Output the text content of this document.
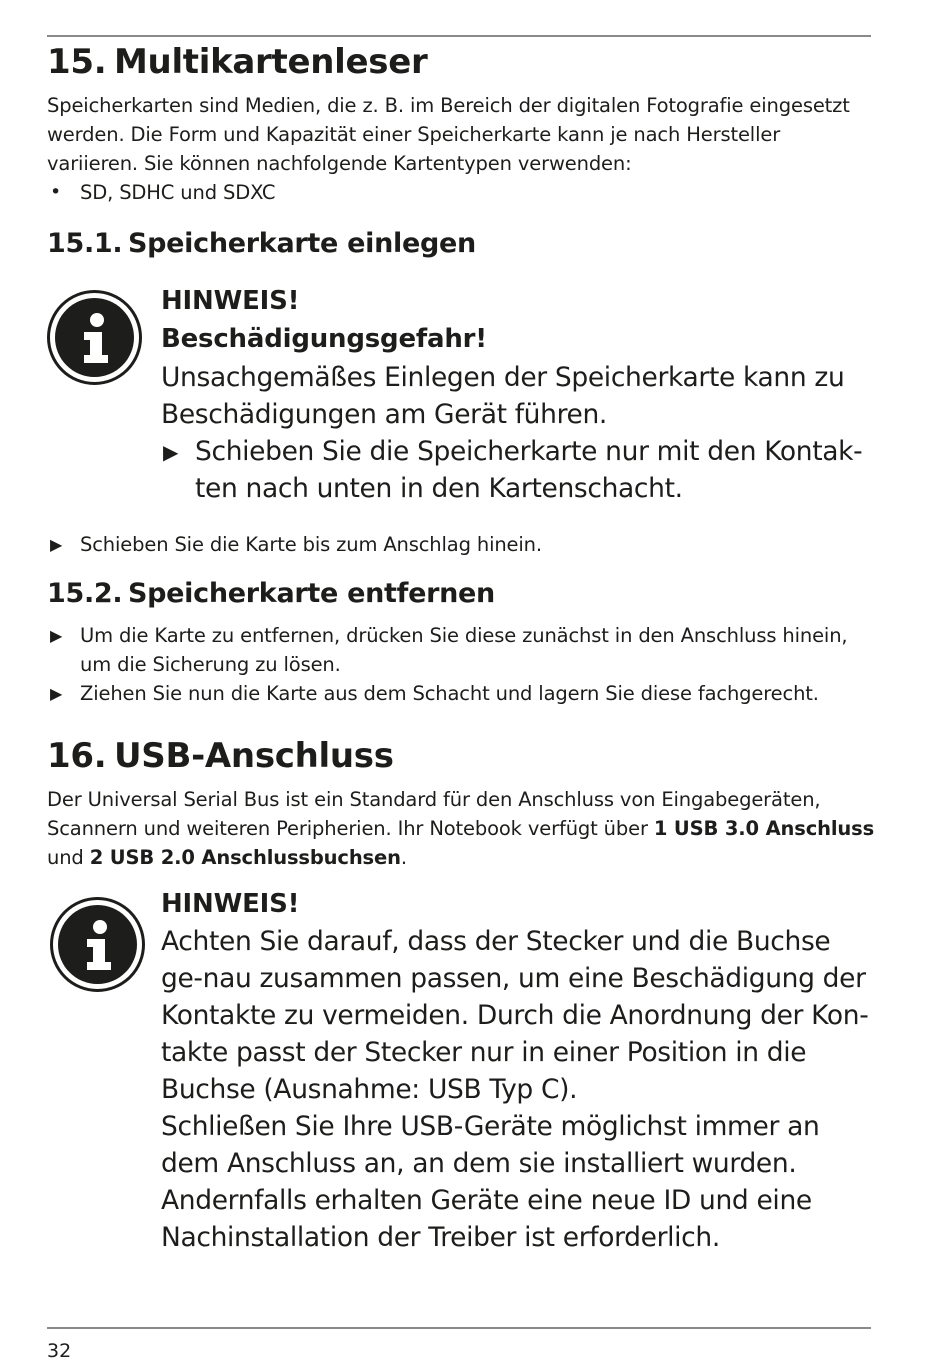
15. Multikartenleser

Speicherkarten sind Medien, die z. B. im Bereich der digitalen Fotografie eingesetzt werden. Die Form und Kapazität einer Speicherkarte kann je nach Hersteller variieren. Sie können nachfolgende Kartentypen verwenden:

• SD, SDHC und SDXC
15.1. Speicherkarte einlegen
HINWEIS!
Beschädigungsgefahr!

Unsachgemäßes Einlegen der Speicherkarte kann zu Beschädigungen am Gerät führen.

▶ Schieben Sie die Speicherkarte nur mit den Kontak-ten nach unten in den Kartenschacht.
▶ Schieben Sie die Karte bis zum Anschlag hinein.
15.2. Speicherkarte entfernen
▶ Um die Karte zu entfernen, drücken Sie diese zunächst in den Anschluss hinein, um die Sicherung zu lösen.
▶ Ziehen Sie nun die Karte aus dem Schacht und lagern Sie diese fachgerecht.
16. USB-Anschluss

Der Universal Serial Bus ist ein Standard für den Anschluss von Eingabegeräten, Scannern und weiteren Peripherien. Ihr Notebook verfügt über 1 USB 3.0 Anschluss und 2 USB 2.0 Anschlussbuchsen.

HINWEIS!

Achten Sie darauf, dass der Stecker und die Buchse ge-nau zusammen passen, um eine Beschädigung der Kontakte zu vermeiden. Durch die Anordnung der Kon-takte passt der Stecker nur in einer Position in die Buchse (Ausnahme: USB Typ C).

Schließen Sie Ihre USB-Geräte möglichst immer an dem Anschluss an, an dem sie installiert wurden. Andernfalls erhalten Geräte eine neue ID und eine Nachinstallation der Treiber ist erforderlich.

32
